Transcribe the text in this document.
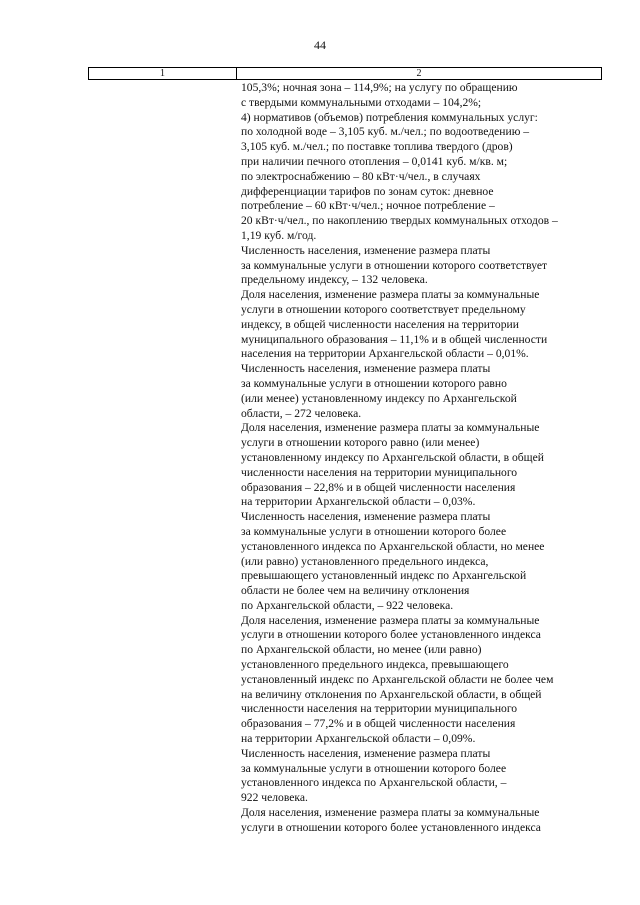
44
1	2
105,3%; ночная зона – 114,9%; на услугу по обращению
с твердыми коммунальными отходами – 104,2%;
4) нормативов (объемов) потребления коммунальных услуг:
по холодной воде – 3,105 куб. м./чел.; по водоотведению –
3,105 куб. м./чел.; по поставке топлива твердого (дров)
при наличии печного отопления – 0,0141 куб. м/кв. м;
по электроснабжению – 80 кВт·ч/чел., в случаях
дифференциации тарифов по зонам суток: дневное
потребление – 60 кВт·ч/чел.; ночное потребление –
20 кВт·ч/чел., по накоплению твердых коммунальных отходов –
1,19 куб. м/год.
Численность населения, изменение размера платы
за коммунальные услуги в отношении которого соответствует
предельному индексу, – 132 человека.
Доля населения, изменение размера платы за коммунальные
услуги в отношении которого соответствует предельному
индексу, в общей численности населения на территории
муниципального образования – 11,1% и в общей численности
населения на территории Архангельской области – 0,01%.
Численность населения, изменение размера платы
за коммунальные услуги в отношении которого равно
(или менее) установленному индексу по Архангельской
области, – 272 человека.
Доля населения, изменение размера платы за коммунальные
услуги в отношении которого равно (или менее)
установленному индексу по Архангельской области, в общей
численности населения на территории муниципального
образования – 22,8% и в общей численности населения
на территории Архангельской области – 0,03%.
Численность населения, изменение размера платы
за коммунальные услуги в отношении которого более
установленного индекса по Архангельской области, но менее
(или равно) установленного предельного индекса,
превышающего установленный индекс по Архангельской
области не более чем на величину отклонения
по Архангельской области, – 922 человека.
Доля населения, изменение размера платы за коммунальные
услуги в отношении которого более установленного индекса
по Архангельской области, но менее (или равно)
установленного предельного индекса, превышающего
установленный индекс по Архангельской области не более чем
на величину отклонения по Архангельской области, в общей
численности населения на территории муниципального
образования – 77,2% и в общей численности населения
на территории Архангельской области – 0,09%.
Численность населения, изменение размера платы
за коммунальные услуги в отношении которого более
установленного индекса по Архангельской области, –
922 человека.
Доля населения, изменение размера платы за коммунальные
услуги в отношении которого более установленного индекса
